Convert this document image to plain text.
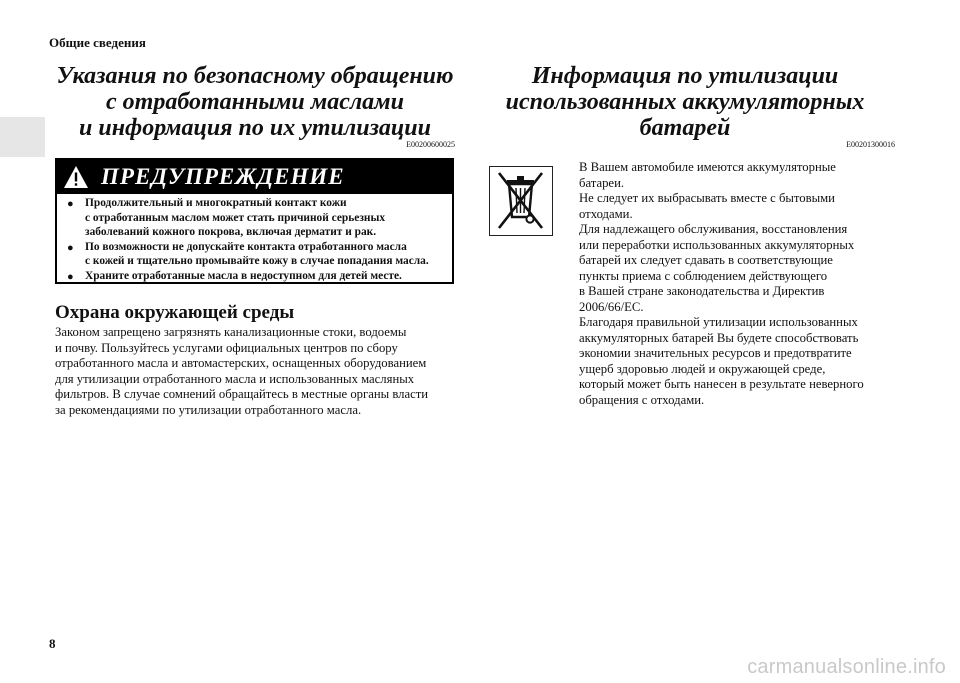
Общие сведения
Указания по безопасному обращению
с отработанными маслами
и информация по их утилизации
E00200600025
ПРЕДУПРЕЖДЕНИЕ
● Продолжительный и многократный контакт кожи
с отработанным маслом может стать причиной серьезных
заболеваний кожного покрова, включая дерматит и рак.
● По возможности не допускайте контакта отработанного масла
с кожей и тщательно промывайте кожу в случае попадания масла.
● Храните отработанные масла в недоступном для детей месте.
Охрана окружающей среды
Законом запрещено загрязнять канализационные стоки, водоемы
и почву. Пользуйтесь услугами официальных центров по сбору
отработанного масла и автомастерских, оснащенных оборудованием
для утилизации отработанного масла и использованных масляных
фильтров. В случае сомнений обращайтесь в местные органы власти
за рекомендациями по утилизации отработанного масла.
Информация по утилизации
использованных аккумуляторных
батарей
E00201300016
В Вашем автомобиле имеются аккумуляторные
батареи.
Не следует их выбрасывать вместе с бытовыми
отходами.
Для надлежащего обслуживания, восстановления
или переработки использованных аккумуляторных
батарей их следует сдавать в соответствующие
пункты приема с соблюдением действующего
в Вашей стране законодательства и Директив
2006/66/EC.
Благодаря правильной утилизации использованных
аккумуляторных батарей Вы будете способствовать
экономии значительных ресурсов и предотвратите
ущерб здоровью людей и окружающей среде,
который может быть нанесен в результате неверного
обращения с отходами.
8
carmanualsonline.info
